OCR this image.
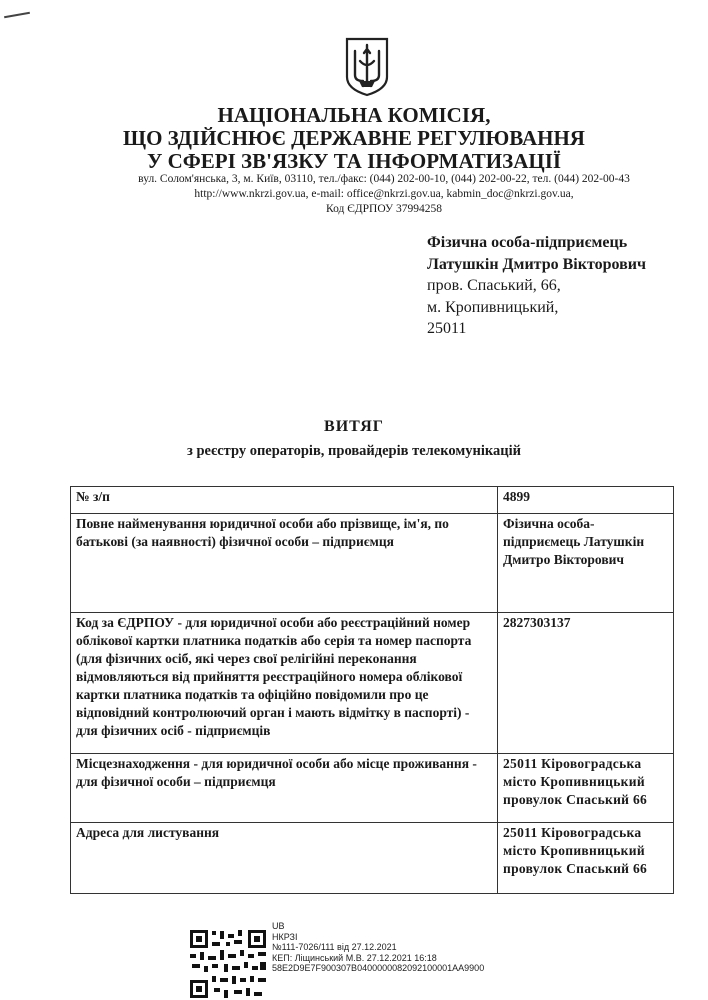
НАЦІОНАЛЬНА КОМІСІЯ,
ЩО ЗДІЙСНЮЄ ДЕРЖАВНЕ РЕГУЛЮВАННЯ
У СФЕРІ ЗВ'ЯЗКУ ТА ІНФОРМАТИЗАЦІЇ
вул. Солом'янська, 3, м. Київ, 03110, тел./факс: (044) 202-00-10, (044) 202-00-22, тел. (044) 202-00-43
http://www.nkrzi.gov.ua, e-mail: office@nkrzi.gov.ua, kabmin_doc@nkrzi.gov.ua,
Код ЄДРПОУ 37994258
Фізична особа-підприємець
Латушкін Дмитро Вікторович
пров. Спаський, 66,
м. Кропивницький,
25011
ВИТЯГ
з реєстру операторів, провайдерів телекомунікацій
№ з/п	4899
Повне найменування юридичної особи або прізвище, ім'я, по батькові (за наявності) фізичної особи – підприємця	Фізична особа-підприємець Латушкін Дмитро Вікторович
Код за ЄДРПОУ - для юридичної особи або реєстраційний номер облікової картки платника податків або серія та номер паспорта (для фізичних осіб, які через свої релігійні переконання відмовляються від прийняття реєстраційного номера облікової картки платника податків та офіційно повідомили про це відповідний контролюючий орган і мають відмітку в паспорті) - для фізичних осіб - підприємців	2827303137
Місцезнаходження - для юридичної особи або місце проживання - для фізичної особи – підприємця	25011 Кіровоградська місто Кропивницький провулок Спаський 66
Адреса для листування	25011 Кіровоградська місто Кропивницький провулок Спаський 66
UB
НКРЗІ
№111-7026/111 від 27.12.2021
КЕП: Ліщинський М.В. 27.12.2021 16:18
58E2D9E7F900307B0400000082092100001AA9900
